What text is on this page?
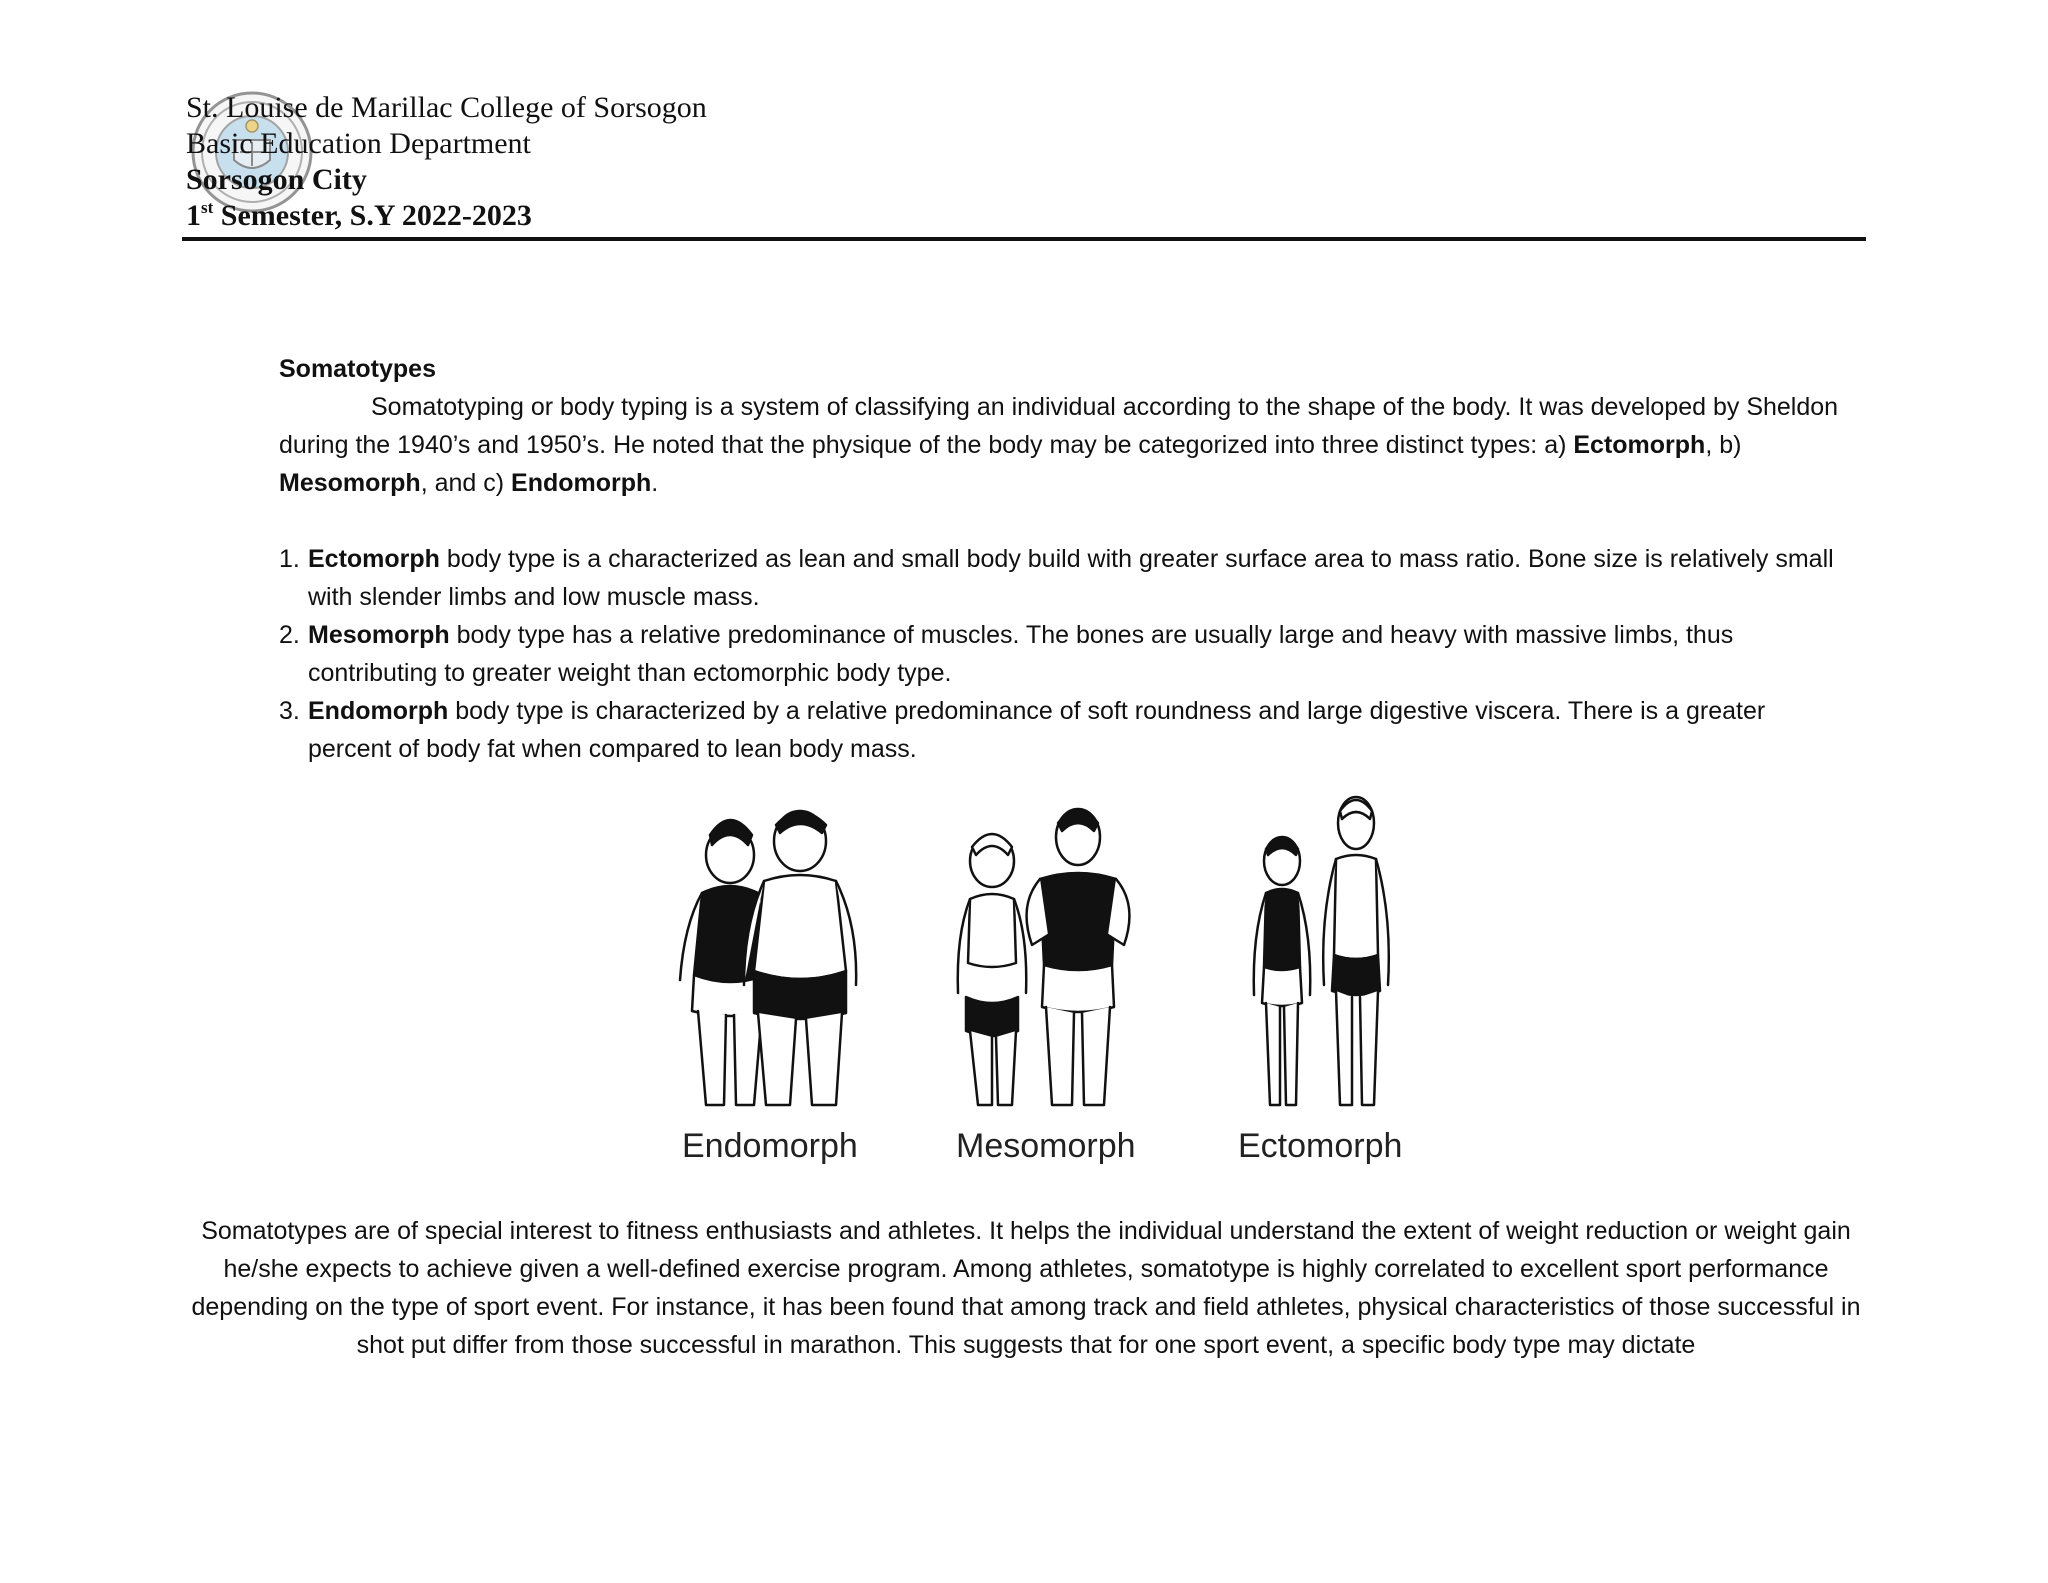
St. Louise de Marillac College of Sorsogon
Basic Education Department
Sorsogon City
1st Semester, S.Y 2022-2023
Somatotypes

Somatotyping or body typing is a system of classifying an individual according to the shape of the body. It was developed by Sheldon during the 1940’s and 1950’s. He noted that the physique of the body may be categorized into three distinct types: a) Ectomorph, b) Mesomorph, and c) Endomorph.

1. Ectomorph body type is a characterized as lean and small body build with greater surface area to mass ratio. Bone size is relatively small with slender limbs and low muscle mass.
2. Mesomorph body type has a relative predominance of muscles. The bones are usually large and heavy with massive limbs, thus contributing to greater weight than ectomorphic body type.
3. Endomorph body type is characterized by a relative predominance of soft roundness and large digestive viscera. There is a greater percent of body fat when compared to lean body mass.
Endomorph	Mesomorph	Ectomorph
Somatotypes are of special interest to fitness enthusiasts and athletes. It helps the individual understand the extent of weight reduction or weight gain he/she expects to achieve given a well-defined exercise program. Among athletes, somatotype is highly correlated to excellent sport performance depending on the type of sport event. For instance, it has been found that among track and field athletes, physical characteristics of those successful in shot put differ from those successful in marathon. This suggests that for one sport event, a specific body type may dictate
